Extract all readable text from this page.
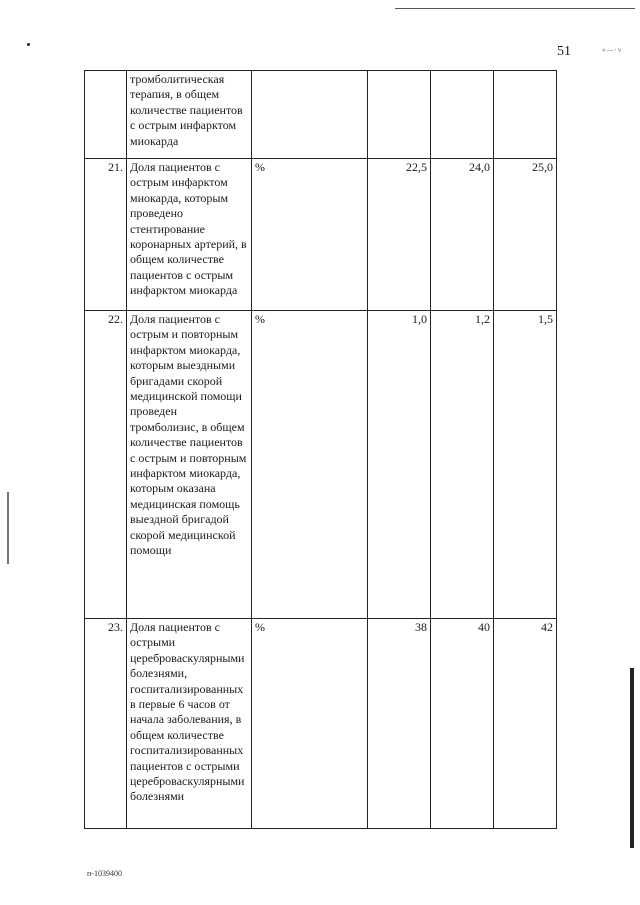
51	«—·v
	тромболитическая терапия, в общем количестве пациентов с острым инфарктом миокарда				
21.	Доля пациентов с острым инфарктом миокарда, которым проведено стентирование коронарных артерий, в общем количестве пациентов с острым инфарктом миокарда	%	22,5	24,0	25,0
22.	Доля пациентов с острым и повторным инфарктом миокарда, которым выездными бригадами скорой медицинской помощи проведен тромболизис, в общем количестве пациентов с острым и повторным инфарктом миокарда, которым оказана медицинская помощь выездной бригадой скорой медицинской помощи	%	1,0	1,2	1,5
23.	Доля пациентов с острыми цереброваскулярными болезнями, госпитализированных в первые 6 часов от начала заболевания, в общем количестве госпитализированных пациентов с острыми цереброваскулярными болезнями	%	38	40	42
п-1039400
